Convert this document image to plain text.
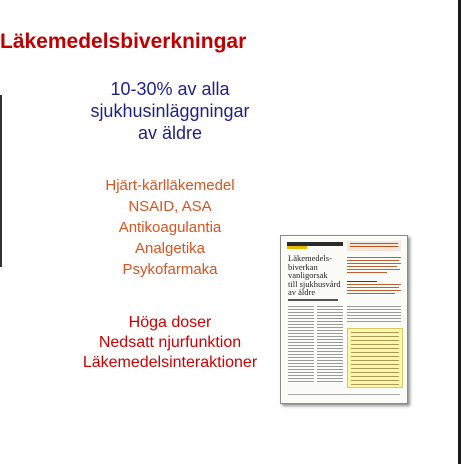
Läkemedelsbiverkningar
10-30% av alla
sjukhusinläggningar
av äldre
Hjärt-kärlläkemedel
NSAID, ASA
Antikoagulantia
Analgetika
Psykofarmaka
Höga doser
Nedsatt njurfunktion
Läkemedelsinteraktioner
Läkemedels-
biverkan
vanligorsak
till sjukhusvård
av äldre
